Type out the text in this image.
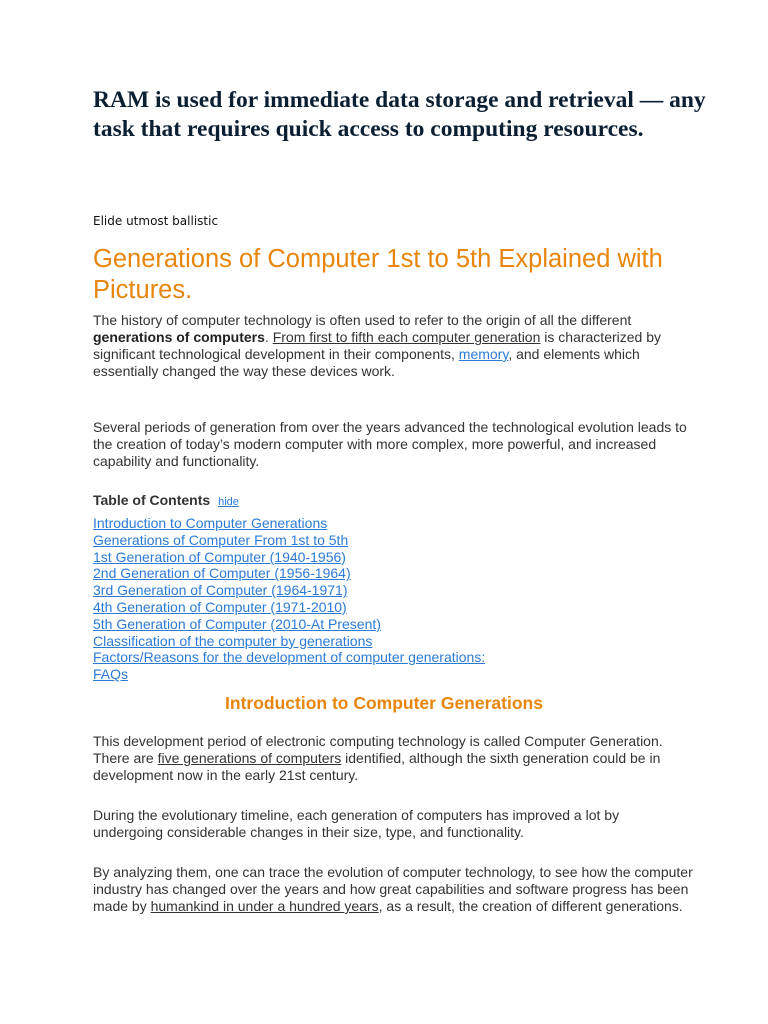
RAM is used for immediate data storage and retrieval — any task that requires quick access to computing resources.

Elide utmost ballistic

Generations of Computer 1st to 5th Explained with Pictures.

The history of computer technology is often used to refer to the origin of all the different generations of computers. From first to fifth each computer generation is characterized by significant technological development in their components, memory, and elements which essentially changed the way these devices work.

Several periods of generation from over the years advanced the technological evolution leads to the creation of today’s modern computer with more complex, more powerful, and increased capability and functionality.

Table of Contents hide
Introduction to Computer Generations
Generations of Computer From 1st to 5th
1st Generation of Computer (1940-1956)
2nd Generation of Computer (1956-1964)
3rd Generation of Computer (1964-1971)
4th Generation of Computer (1971-2010)
5th Generation of Computer (2010-At Present)
Classification of the computer by generations
Factors/Reasons for the development of computer generations:
FAQs
Introduction to Computer Generations

This development period of electronic computing technology is called Computer Generation. There are five generations of computers identified, although the sixth generation could be in development now in the early 21st century.

During the evolutionary timeline, each generation of computers has improved a lot by undergoing considerable changes in their size, type, and functionality.

By analyzing them, one can trace the evolution of computer technology, to see how the computer industry has changed over the years and how great capabilities and software progress has been made by humankind in under a hundred years, as a result, the creation of different generations.
